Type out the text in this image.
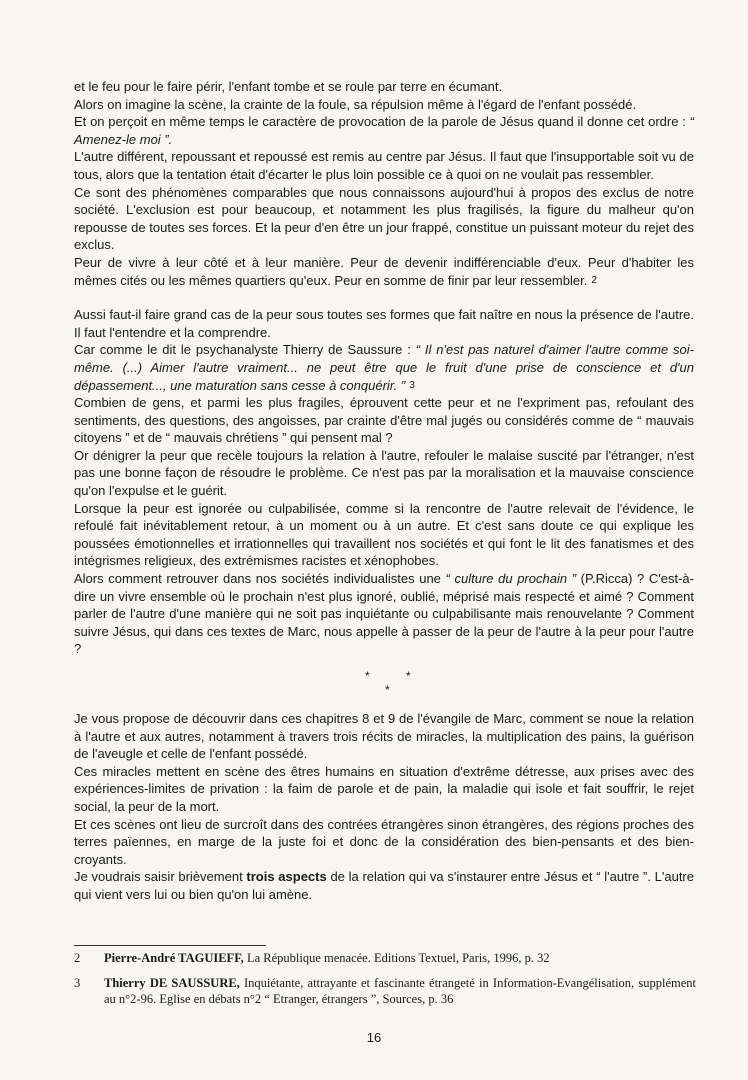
et le feu pour le faire périr, l'enfant tombe et se roule par terre en écumant.

Alors on imagine la scène, la crainte de la foule, sa répulsion même à l'égard de l'enfant possédé.

Et on perçoit en même temps le caractère de provocation de la parole de Jésus quand il donne cet ordre : “ Amenez-le moi ”.

L'autre différent, repoussant et repoussé est remis au centre par Jésus. Il faut que l'insupportable soit vu de tous, alors que la tentation était d'écarter le plus loin possible ce à quoi on ne voulait pas ressembler.

Ce sont des phénomènes comparables que nous connaissons aujourd'hui à propos des exclus de notre société. L'exclusion est pour beaucoup, et notamment les plus fragilisés, la figure du malheur qu'on repousse de toutes ses forces. Et la peur d'en être un jour frappé, constitue un puissant moteur du rejet des exclus.

Peur de vivre à leur côté et à leur manière. Peur de devenir indifférenciable d'eux. Peur d'habiter les mêmes cités ou les mêmes quartiers qu'eux. Peur en somme de finir par leur ressembler. $^2$

Aussi faut-il faire grand cas de la peur sous toutes ses formes que fait naître en nous la présence de l'autre. Il faut l'entendre et la comprendre.

Car comme le dit le psychanalyste Thierry de Saussure : “ Il n'est pas naturel d'aimer l'autre comme soi-même. (...) Aimer l'autre vraiment... ne peut être que le fruit d'une prise de conscience et d'un dépassement..., une maturation sans cesse à conquérir. ” $^3$

Combien de gens, et parmi les plus fragiles, éprouvent cette peur et ne l'expriment pas, refoulant des sentiments, des questions, des angoisses, par crainte d'être mal jugés ou considérés comme de “ mauvais citoyens ” et de “ mauvais chrétiens ” qui pensent mal ?

Or dénigrer la peur que recèle toujours la relation à l'autre, refouler le malaise suscité par l'étranger, n'est pas une bonne façon de résoudre le problème. Ce n'est pas par la moralisation et la mauvaise conscience qu'on l'expulse et le guérit.

Lorsque la peur est ignorée ou culpabilisée, comme si la rencontre de l'autre relevait de l'évidence, le refoulé fait inévitablement retour, à un moment ou à un autre. Et c'est sans doute ce qui explique les poussées émotionnelles et irrationnelles qui travaillent nos sociétés et qui font le lit des fanatismes et des intégrismes religieux, des extrémismes racistes et xénophobes.

Alors comment retrouver dans nos sociétés individualistes une “ culture du prochain ” (P.Ricca) ? C'est-à-dire un vivre ensemble où le prochain n'est plus ignoré, oublié, méprisé mais respecté et aimé ? Comment parler de l'autre d'une manière qui ne soit pas inquiétante ou culpabilisante mais renouvelante ? Comment suivre Jésus, qui dans ces textes de Marc, nous appelle à passer de la peur de l'autre à la peur pour l'autre ?

*	*
*

Je vous propose de découvrir dans ces chapitres 8 et 9 de l'évangile de Marc, comment se noue la relation à l'autre et aux autres, notamment à travers trois récits de miracles, la multiplication des pains, la guérison de l'aveugle et celle de l'enfant possédé.

Ces miracles mettent en scène des êtres humains en situation d'extrême détresse, aux prises avec des expériences-limites de privation : la faim de parole et de pain, la maladie qui isole et fait souffrir, le rejet social, la peur de la mort.

Et ces scènes ont lieu de surcroît dans des contrées étrangères sinon étrangères, des régions proches des terres païennes, en marge de la juste foi et donc de la considération des bien-pensants et des bien-croyants.

Je voudrais saisir brièvement trois aspects de la relation qui va s'instaurer entre Jésus et “ l'autre ”. L'autre qui vient vers lui ou bien qu'on lui amène.

2 Pierre-André TAGUIEFF, La République menacée. Editions Textuel, Paris, 1996, p. 32
3 Thierry DE SAUSSURE, Inquiétante, attrayante et fascinante étrangeté in Information-Evangélisation, supplément au n°2-96. Eglise en débats n°2 “ Etranger, étrangers ”, Sources, p. 36
16
